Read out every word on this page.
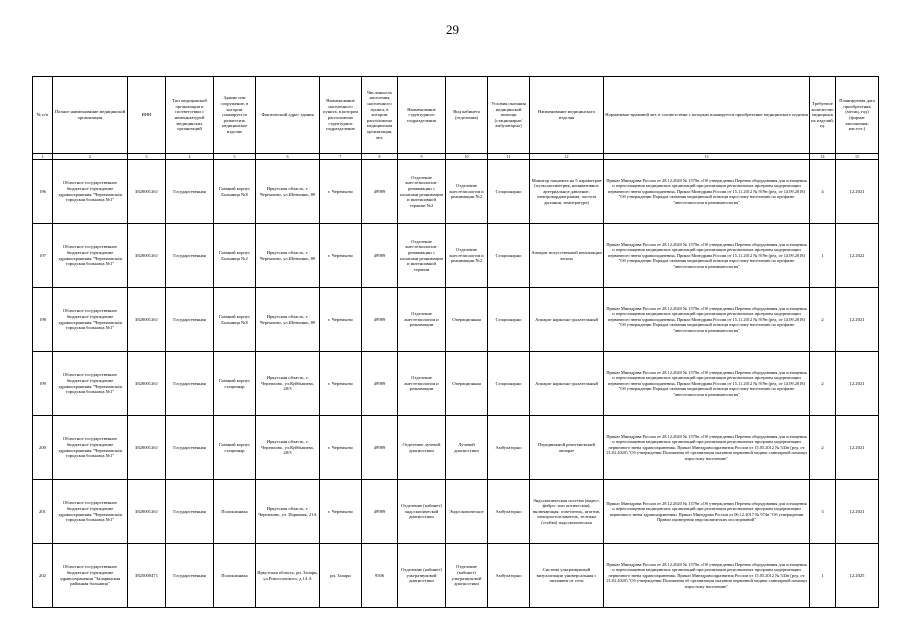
29
№ п/п	Полное наименование медицинской организации	ИНН	Тип медицинской организации в соответствии с номенклатурой медицинских организаций	Здание или сооружение, в котором планируется разместить медицинское изделие	Фактический адрес здания	Наименование населенного пункта, в котором расположено структурное подразделение	Численность населения населенного пункта, в котором расположено медицинская организация, чел.	Наименование структурного подразделения	Вид кабинета (отделения)	Условия оказания медицинской помощи (стационарно/амбулаторно)	Наименование медицинского изделия	Нормативно-правовой акт, в соответствии с которым планируется приобретение медицинского изделия	Требуемое количество медицинских изделий, ед.	Планируемая дата приобретения (месяц, год) (формат заполнения: мм.гггг.)
1	2	3	4	5	6	7	8	9	10	11	12	13	14	15
196	Областное государственное бюджетное учреждение здравоохранения "Черемховская городская больница №1"	3820001261	Государственная	Главный корпус Больница №8	Иркутская область, г. Черемхово, ул.Шевченко, 89	г. Черемхово	49989	Отделение анестезиологии-реанимации с палатами реанимации и интенсивной терапии №2	Отделение анестезиологии и реанимации №2	Стационарно	Монитор пациента на 5 параметров (пульсоксиметрия, неинвазивное артериальное давление, электрокардиограмма, частота дыхания, температура)	Приказ Минздрава России от 28.12.2020 № 1379н «Об утверждении Перечня оборудования для оснащения и переоснащения медицинских организаций при реализации региональных программ модернизации первичного звена здравоохранения» Приказ Минздрава России от 15.11.2012 № 919н (ред. от 14.09.2018) "Об утверждении Порядка оказания медицинской помощи взрослому населению по профилю "анестезиология и реаниматология"	4	12.2021
197	Областное государственное бюджетное учреждение здравоохранения "Черемховская городская больница №1"	3820001261	Государственная	Главный корпус Больница №2	Иркутская область, г. Черемхово, ул.Шевченко, 89	г. Черемхово	49989	Отделение анестезиологии-реанимации с палатами реанимации и интенсивной терапии	Отделение анестезиологии и реанимации №2	Стационарно	Аппарат искусственной вентиляции легких	Приказ Минздрава России от 28.12.2020 № 1379н «Об утверждении Перечня оборудования для оснащения и переоснащения медицинских организаций при реализации региональных программ модернизации первичного звена здравоохранения» Приказ Минздрава России от 15.11.2012 № 919н (ред. от 14.09.2018) "Об утверждении Порядка оказания медицинской помощи взрослому населению по профилю "анестезиология и реаниматология"	1	12.2022
198	Областное государственное бюджетное учреждение здравоохранения "Черемховская городская больница №1"	3820001261	Государственная	Главный корпус Больница №8	Иркутская область, г. Черемхово, ул.Шевченко, 89	г. Черемхово	49989	Отделение анестезиологии и реанимации	Операционная	Стационарно	Аппарат наркозно-дыхательный	Приказ Минздрава России от 28.12.2020 № 1379н «Об утверждении Перечня оборудования для оснащения и переоснащения медицинских организаций при реализации региональных программ модернизации первичного звена здравоохранения» Приказ Минздрава России от 15.11.2012 № 919н (ред. от 14.09.2018) "Об утверждении Порядка оказания медицинской помощи взрослому населению по профилю "анестезиология и реаниматология"	2	12.2021
199	Областное государственное бюджетное учреждение здравоохранения "Черемховская городская больница №1"	3820001261	Государственная	Главный корпус стационар	Иркутская область, г. Черемхово, ул.Куйбышева, 28/3	г. Черемхово	49989	Отделение анестезиологии и реанимации	Операционная	Стационарно	Аппарат наркозно-дыхательный	Приказ Минздрава России от 28.12.2020 № 1379н «Об утверждении Перечня оборудования для оснащения и переоснащения медицинских организаций при реализации региональных программ модернизации первичного звена здравоохранения» Приказ Минздрава России от 15.11.2012 № 919н (ред. от 14.09.2018) "Об утверждении Порядка оказания медицинской помощи взрослому населению по профилю "анестезиология и реаниматология"	2	12.2021
200	Областное государственное бюджетное учреждение здравоохранения "Черемховская городская больница №1"	3820001261	Государственная	Главный корпус стационар	Иркутская область, г. Черемхово, ул.Куйбышева, 28/3	г. Черемхово	49989	Отделение лучевой диагностики	Лучевой диагностики	Амбулаторно	Передвижной рентгеновский аппарат	Приказ Минздрава России от 28.12.2020 № 1379н «Об утверждении Перечня оборудования для оснащения и переоснащения медицинских организаций при реализации региональных программ модернизации первичного звена здравоохранения» Приказ Минздравсоцразвития России от 15.05.2012 № 543н (ред. от 21.02.2020) "Об утверждении Положения об организации оказания первичной медико-санитарной помощи взрослому населению"	2	12.2021
201	Областное государственное бюджетное учреждение здравоохранения "Черемховская городская больница №1"	3820001261	Государственная	Поликлиника	Иркутская область, г. Черемхово, ул. Парковая, 21А	г. Черемхово	49989	Отделение (кабинет) эндоскопической диагностики	Эндоскопическое	Амбулаторно	Эндоскопическая система (видео-, фибро- или оптическая), включающая: осветитель, штатив, электроотсасыватель, тележка (стойка) эндоскопическая	Приказ Минздрава России от 28.12.2020 № 1379н «Об утверждении Перечня оборудования для оснащения и переоснащения медицинских организаций при реализации региональных программ модернизации первичного звена здравоохранения» Приказ Минздрава России от 06.12.2017 № 974н "Об утверждении Правил проведения эндоскопических исследований"	3	12.2021
202	Областное государственное бюджетное учреждение здравоохранения "Заларинская районная больница"	3825000471	Государственная	Поликлиника	Иркутская область, рп. Залари, ул.Рокоссовского, д.14 А	рп. Залари	9506	Отделение (кабинет) ультразвуковой диагностики	Отделение (кабинет) ультразвуковой диагностики	Амбулаторно	Система ультразвуковой визуализации универсальная с питанием от сети	Приказ Минздрава России от 28.12.2020 № 1379н «Об утверждении Перечня оборудования для оснащения и переоснащения медицинских организаций при реализации региональных программ модернизации первичного звена здравоохранения» Приказ Минздравсоцразвития России от 15.05.2012 № 543н (ред. от 21.02.2020) "Об утверждении Положения об организации оказания первичной медико-санитарной помощи взрослому населению"	1	12.2025
